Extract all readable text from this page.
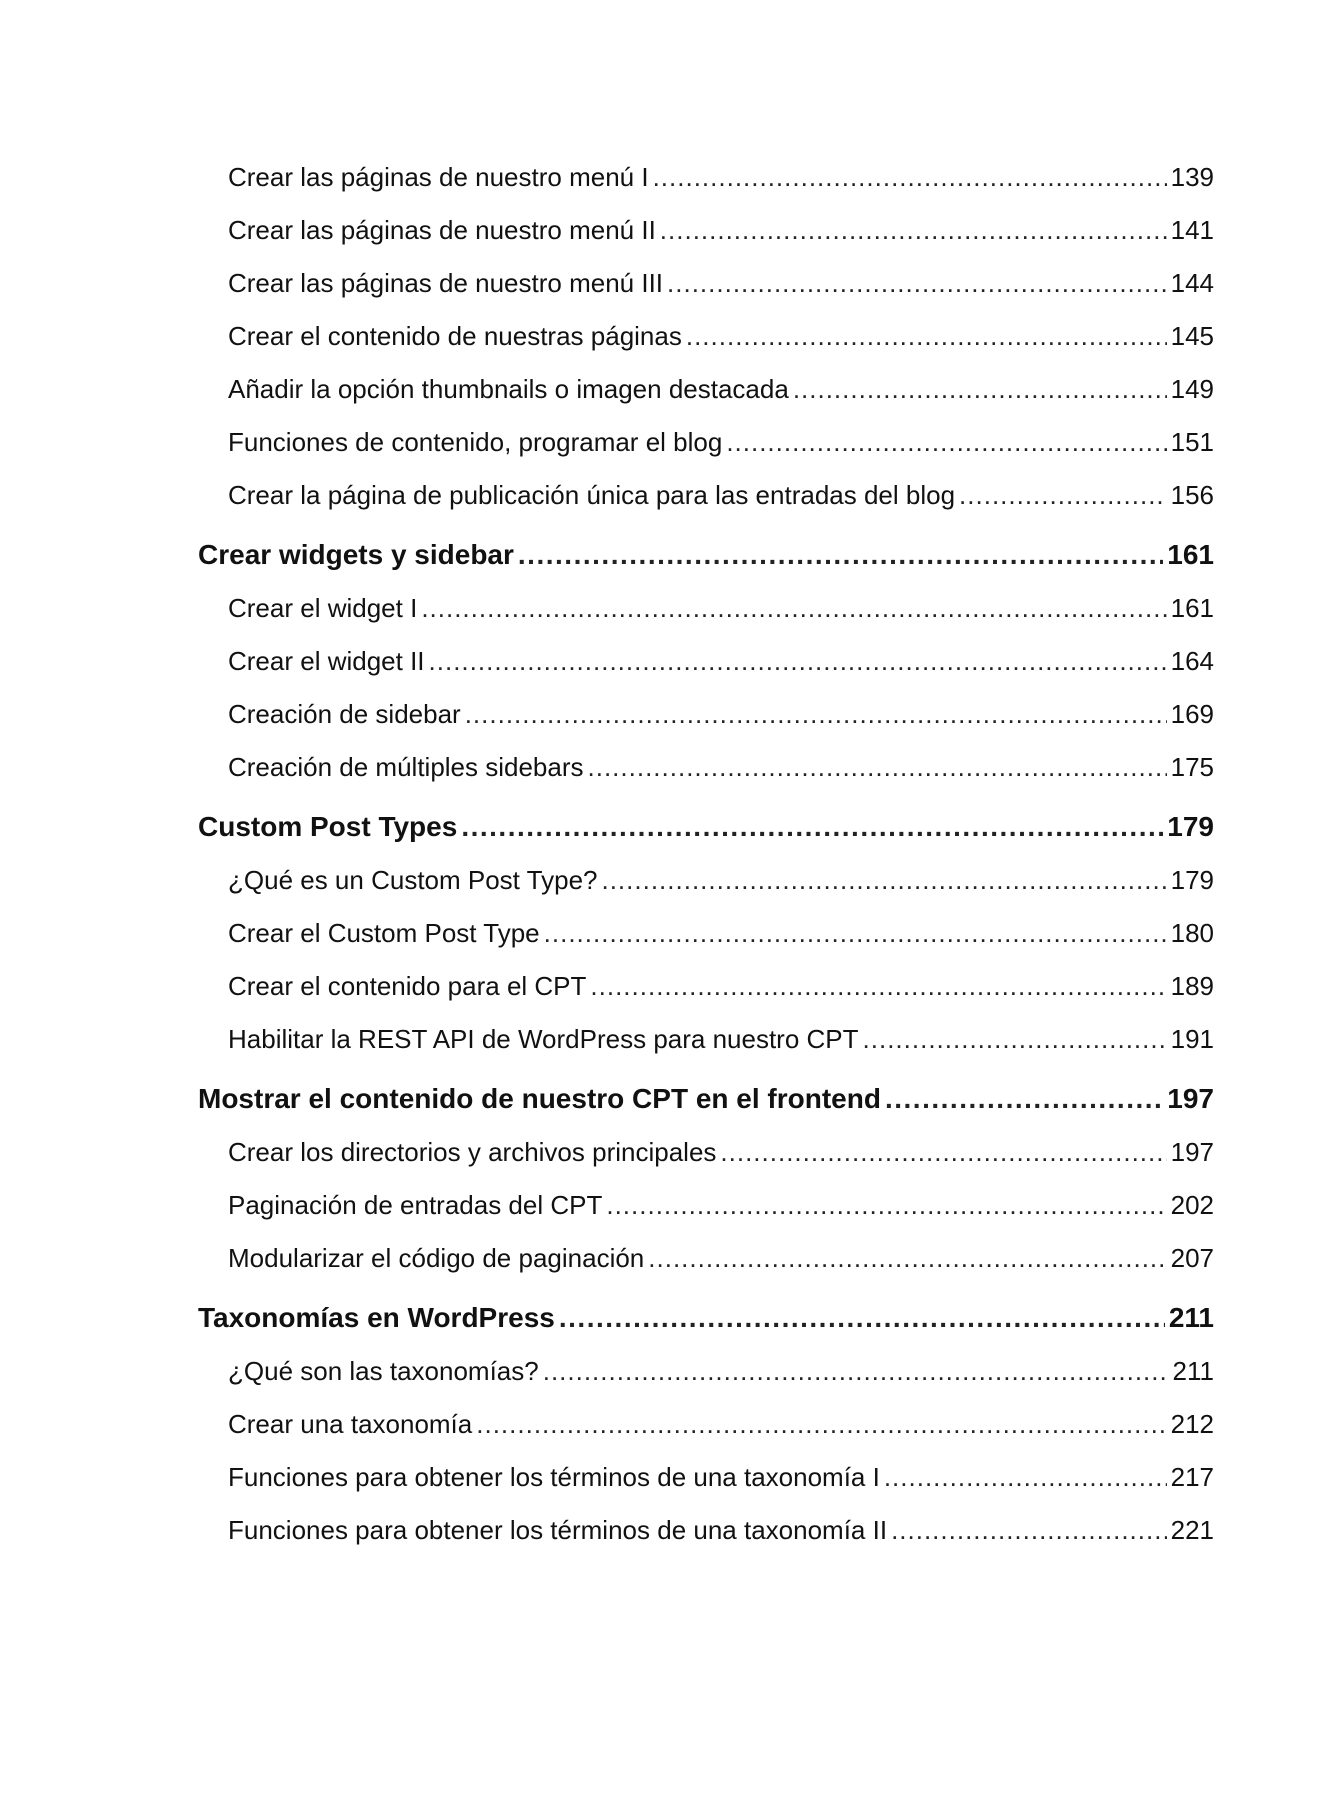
Crear las páginas de nuestro menú I .....	139
Crear las páginas de nuestro menú II .....	141
Crear las páginas de nuestro menú III .....	144
Crear el contenido de nuestras páginas .....	145
Añadir la opción thumbnails o imagen destacada .....	149
Funciones de contenido, programar el blog .....	151
Crear la página de publicación única para las entradas del blog .....	156
Crear widgets y sidebar .....	161
Crear el widget I .....	161
Crear el widget II .....	164
Creación de sidebar .....	169
Creación de múltiples sidebars .....	175
Custom Post Types .....	179
¿Qué es un Custom Post Type? .....	179
Crear el Custom Post Type .....	180
Crear el contenido para el CPT .....	189
Habilitar la REST API de WordPress para nuestro CPT .....	191
Mostrar el contenido de nuestro CPT en el frontend .....	197
Crear los directorios y archivos principales .....	197
Paginación de entradas del CPT .....	202
Modularizar el código de paginación .....	207
Taxonomías en WordPress .....	211
¿Qué son las taxonomías? .....	211
Crear una taxonomía .....	212
Funciones para obtener los términos de una taxonomía I .....	217
Funciones para obtener los términos de una taxonomía II .....	221
